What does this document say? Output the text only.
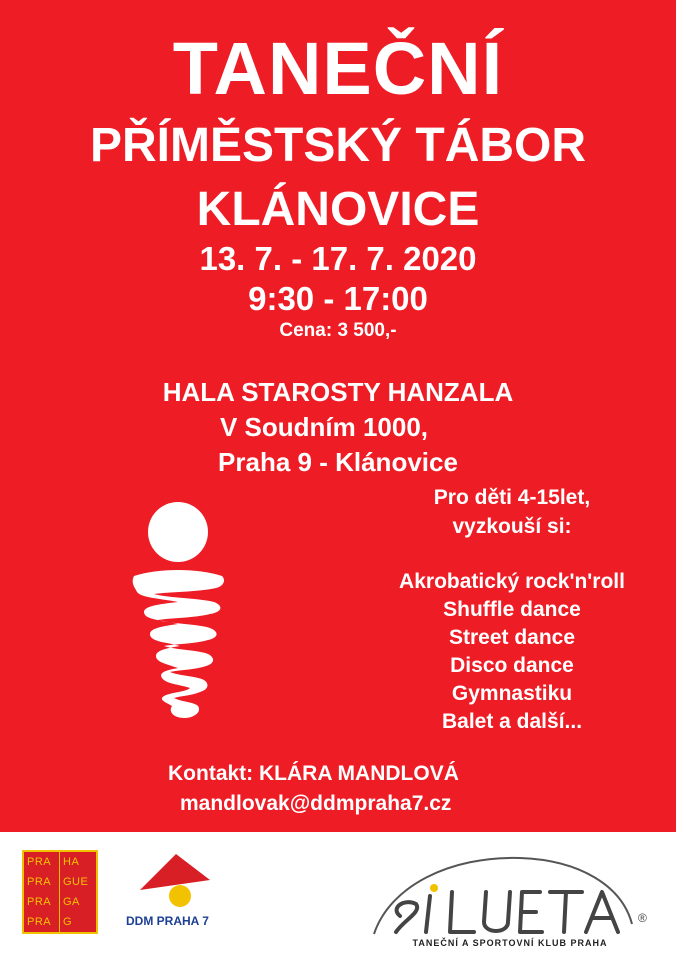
TANEČNÍ
PŘÍMĚSTSKÝ TÁBOR
KLÁNOVICE
13. 7. - 17. 7. 2020
9:30 - 17:00
Cena: 3 500,-
HALA STAROSTY HANZALA
V Soudním 1000,
Praha 9 - Klánovice
Pro děti 4-15let,
vyzkouší si:
Akrobatický rock'n'roll
Shuffle dance
Street dance
Disco dance
Gymnastiku
Balet a další...
Kontakt: KLÁRA MANDLOVÁ
mandlovak@ddmpraha7.cz
PRA	HA
PRA	GUE
PRA	GA
PRA	G	DDM PRAHA 7	®
TANEČNÍ A SPORTOVNÍ KLUB PRAHA
